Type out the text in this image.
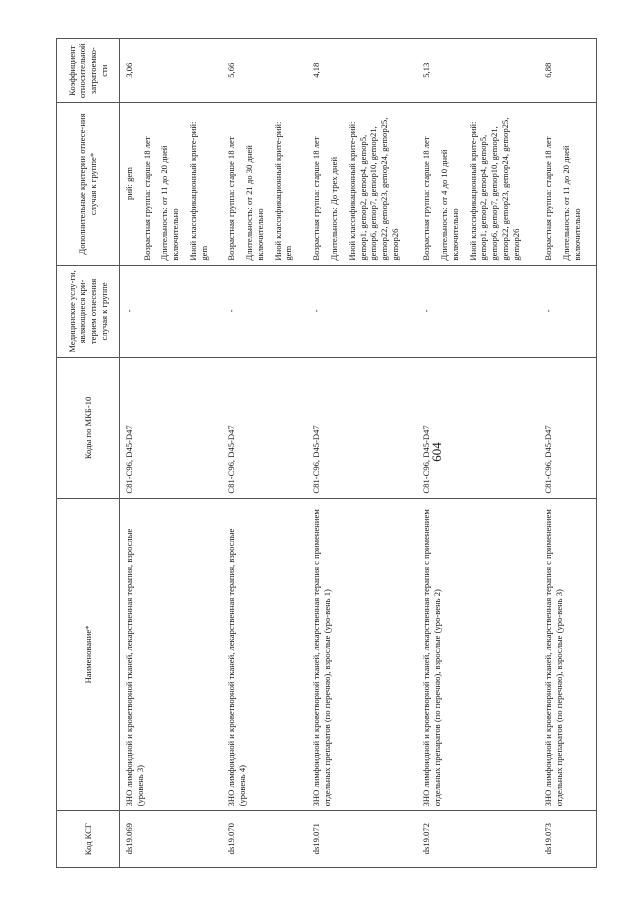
604
Код КСГ	Наименование*	Коды по МКБ-10	Медицинские услу-ги, являющиеся кри-терием отнесения случая к группе	Дополнительные критерии отнесе-ния случая к группе*	Коэффициент относительной затратоемко-сти
ds19.069	ЗНО лимфоидной и кроветворной тканей, лекарственная терапия, взрослые (уровень 3)	C81-C96, D45-D47	-	рий: gem Возрастная группа: старше 18 лет Длительность: от 11 до 20 дней включительно Иной классификационный крите-рий: gem	3,06
ds19.070	ЗНО лимфоидной и кроветворной тканей, лекарственная терапия, взрослые (уровень 4)	C81-C96, D45-D47	-	Возрастная группа: старше 18 лет Длительность: от 21 до 30 дней включительно Иной классификационный крите-рий: gem	5,66
ds19.071	ЗНО лимфоидной и кроветворной тканей, лекарственная терапия с применением отдельных препаратов (по перечню), взрослые (уро-вень 1)	C81-C96, D45-D47	-	Возрастная группа: старше 18 лет Длительность: До трех дней Иной классификационный крите-рий: gemop1, gemop2, gemop4, gemop5, gemop6, gemop7, gemop10, gemop21, gemop22, gemop23, gemop24, gemop25, gemop26	4,18
ds19.072	ЗНО лимфоидной и кроветворной тканей, лекарственная терапия с применением отдельных препаратов (по перечню), взрослые (уро-вень 2)	C81-C96, D45-D47	-	Возрастная группа: старше 18 лет Длительность: от 4 до 10 дней включительно Иной классификационный крите-рий: gemop1, gemop2, gemop4, gemop5, gemop6, gemop7, gemop10, gemop21, gemop22, gemop23, gemop24, gemop25, gemop26	5,13
ds19.073	ЗНО лимфоидной и кроветворной тканей, лекарственная терапия с применением отдельных препаратов (по перечню), взрослые (уро-вень 3)	C81-C96, D45-D47	-	Возрастная группа: старше 18 лет Длительность: от 11 до 20 дней включительно	6,88
